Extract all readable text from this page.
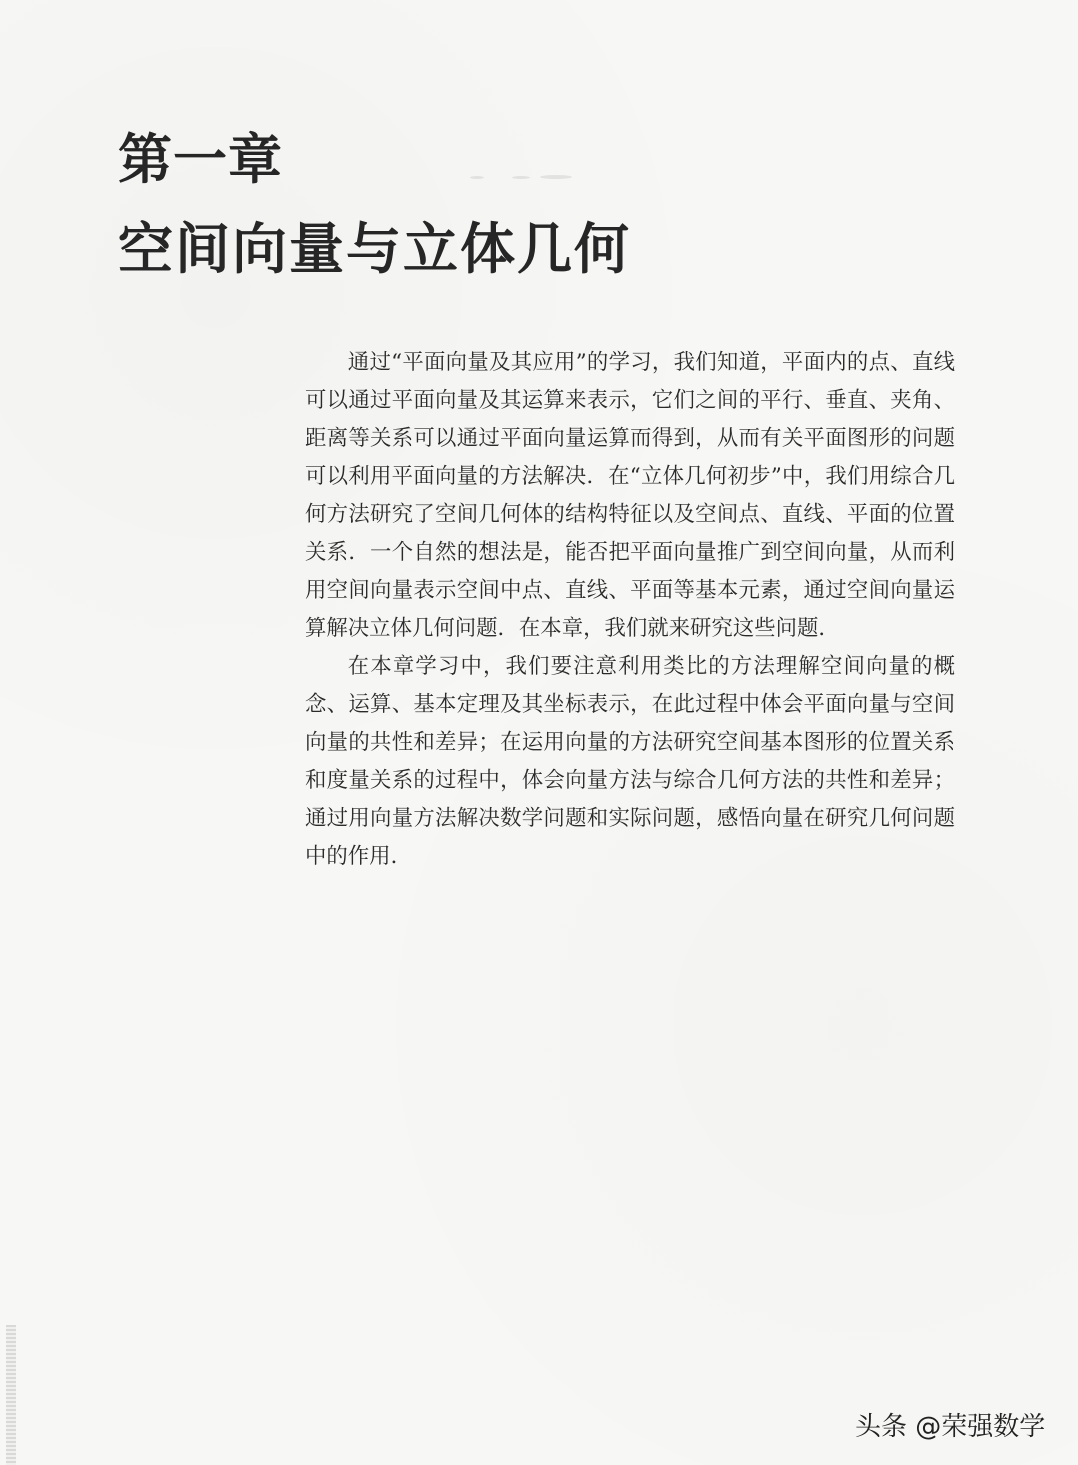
第一章
空间向量与立体几何

通过“平面向量及其应用”的学习，我们知道，平面内的点、直线可以通过平面向量及其运算来表示，它们之间的平行、垂直、夹角、距离等关系可以通过平面向量运算而得到，从而有关平面图形的问题可以利用平面向量的方法解决．在“立体几何初步”中，我们用综合几何方法研究了空间几何体的结构特征以及空间点、直线、平面的位置关系．一个自然的想法是，能否把平面向量推广到空间向量，从而利用空间向量表示空间中点、直线、平面等基本元素，通过空间向量运算解决立体几何问题．在本章，我们就来研究这些问题．

在本章学习中，我们要注意利用类比的方法理解空间向量的概念、运算、基本定理及其坐标表示，在此过程中体会平面向量与空间向量的共性和差异；在运用向量的方法研究空间基本图形的位置关系和度量关系的过程中，体会向量方法与综合几何方法的共性和差异；通过用向量方法解决数学问题和实际问题，感悟向量在研究几何问题中的作用．

头条 @荣强数学
